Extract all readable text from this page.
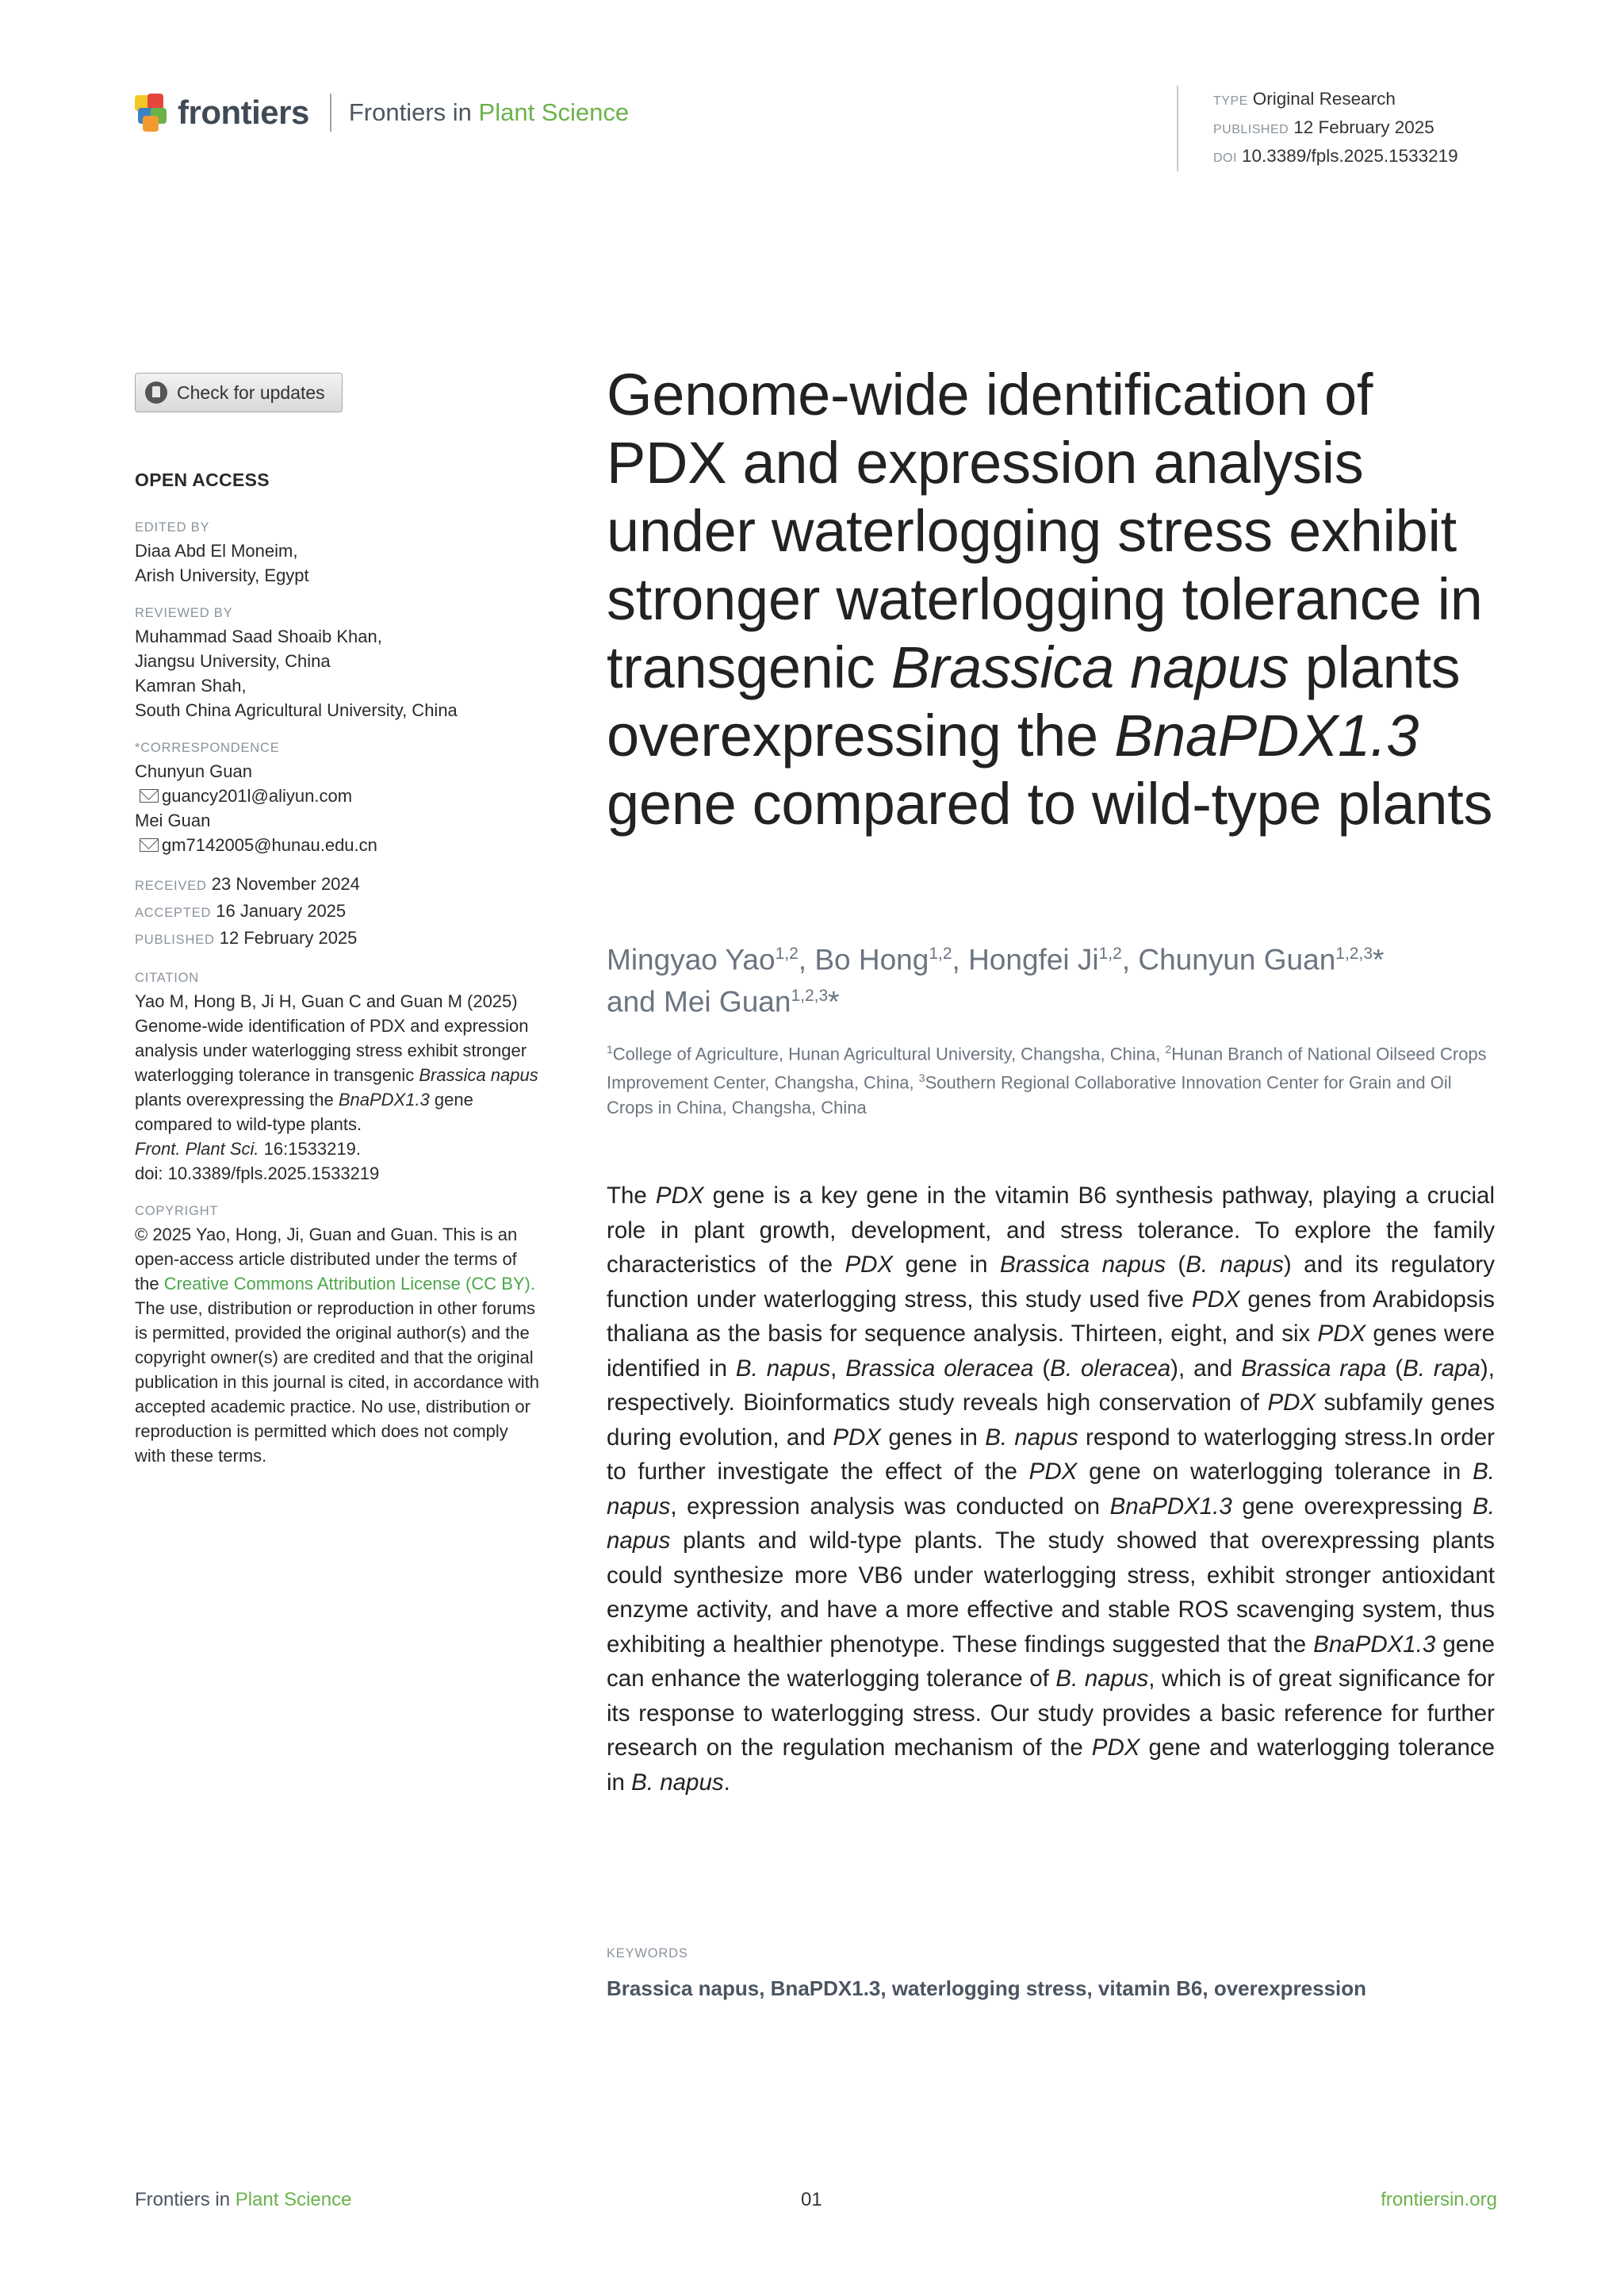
frontiers Frontiers in Plant Science	TYPE Original Research
PUBLISHED 12 February 2025
DOI 10.3389/fpls.2025.1533219
Check for updates
OPEN ACCESS
EDITED BY
Diaa Abd El Moneim,
Arish University, Egypt
REVIEWED BY
Muhammad Saad Shoaib Khan,
Jiangsu University, China
Kamran Shah,
South China Agricultural University, China
*CORRESPONDENCE
Chunyun Guan
guancy201l@aliyun.com
Mei Guan
gm7142005@hunau.edu.cn
RECEIVED 23 November 2024
ACCEPTED 16 January 2025
PUBLISHED 12 February 2025
CITATION
Yao M, Hong B, Ji H, Guan C and Guan M (2025) Genome-wide identification of PDX and expression analysis under waterlogging stress exhibit stronger waterlogging tolerance in transgenic Brassica napus plants overexpressing the BnaPDX1.3 gene compared to wild-type plants.
Front. Plant Sci. 16:1533219.
doi: 10.3389/fpls.2025.1533219
COPYRIGHT
© 2025 Yao, Hong, Ji, Guan and Guan. This is an open-access article distributed under the terms of the Creative Commons Attribution License (CC BY). The use, distribution or reproduction in other forums is permitted, provided the original author(s) and the copyright owner(s) are credited and that the original publication in this journal is cited, in accordance with accepted academic practice. No use, distribution or reproduction is permitted which does not comply with these terms.
Genome-wide identification of PDX and expression analysis under waterlogging stress exhibit stronger waterlogging tolerance in transgenic Brassica napus plants overexpressing the BnaPDX1.3 gene compared to wild-type plants
Mingyao Yao$^{1,2}$, Bo Hong$^{1,2}$, Hongfei Ji$^{1,2}$, Chunyun Guan$^{1,2,3}$*
and Mei Guan$^{1,2,3}$*
$^1$College of Agriculture, Hunan Agricultural University, Changsha, China, $^2$Hunan Branch of National Oilseed Crops Improvement Center, Changsha, China, $^3$Southern Regional Collaborative Innovation Center for Grain and Oil Crops in China, Changsha, China

The PDX gene is a key gene in the vitamin B6 synthesis pathway, playing a crucial role in plant growth, development, and stress tolerance. To explore the family characteristics of the PDX gene in Brassica napus (B. napus) and its regulatory function under waterlogging stress, this study used five PDX genes from Arabidopsis thaliana as the basis for sequence analysis. Thirteen, eight, and six PDX genes were identified in B. napus, Brassica oleracea (B. oleracea), and Brassica rapa (B. rapa), respectively. Bioinformatics study reveals high conservation of PDX subfamily genes during evolution, and PDX genes in B. napus respond to waterlogging stress.In order to further investigate the effect of the PDX gene on waterlogging tolerance in B. napus, expression analysis was conducted on BnaPDX1.3 gene overexpressing B. napus plants and wild-type plants. The study showed that overexpressing plants could synthesize more VB6 under waterlogging stress, exhibit stronger antioxidant enzyme activity, and have a more effective and stable ROS scavenging system, thus exhibiting a healthier phenotype. These findings suggested that the BnaPDX1.3 gene can enhance the waterlogging tolerance of B. napus, which is of great significance for its response to waterlogging stress. Our study provides a basic reference for further research on the regulation mechanism of the PDX gene and waterlogging tolerance in B. napus.

KEYWORDS
Brassica napus, BnaPDX1.3, waterlogging stress, vitamin B6, overexpression
Frontiers in Plant Science	01	frontiersin.org
